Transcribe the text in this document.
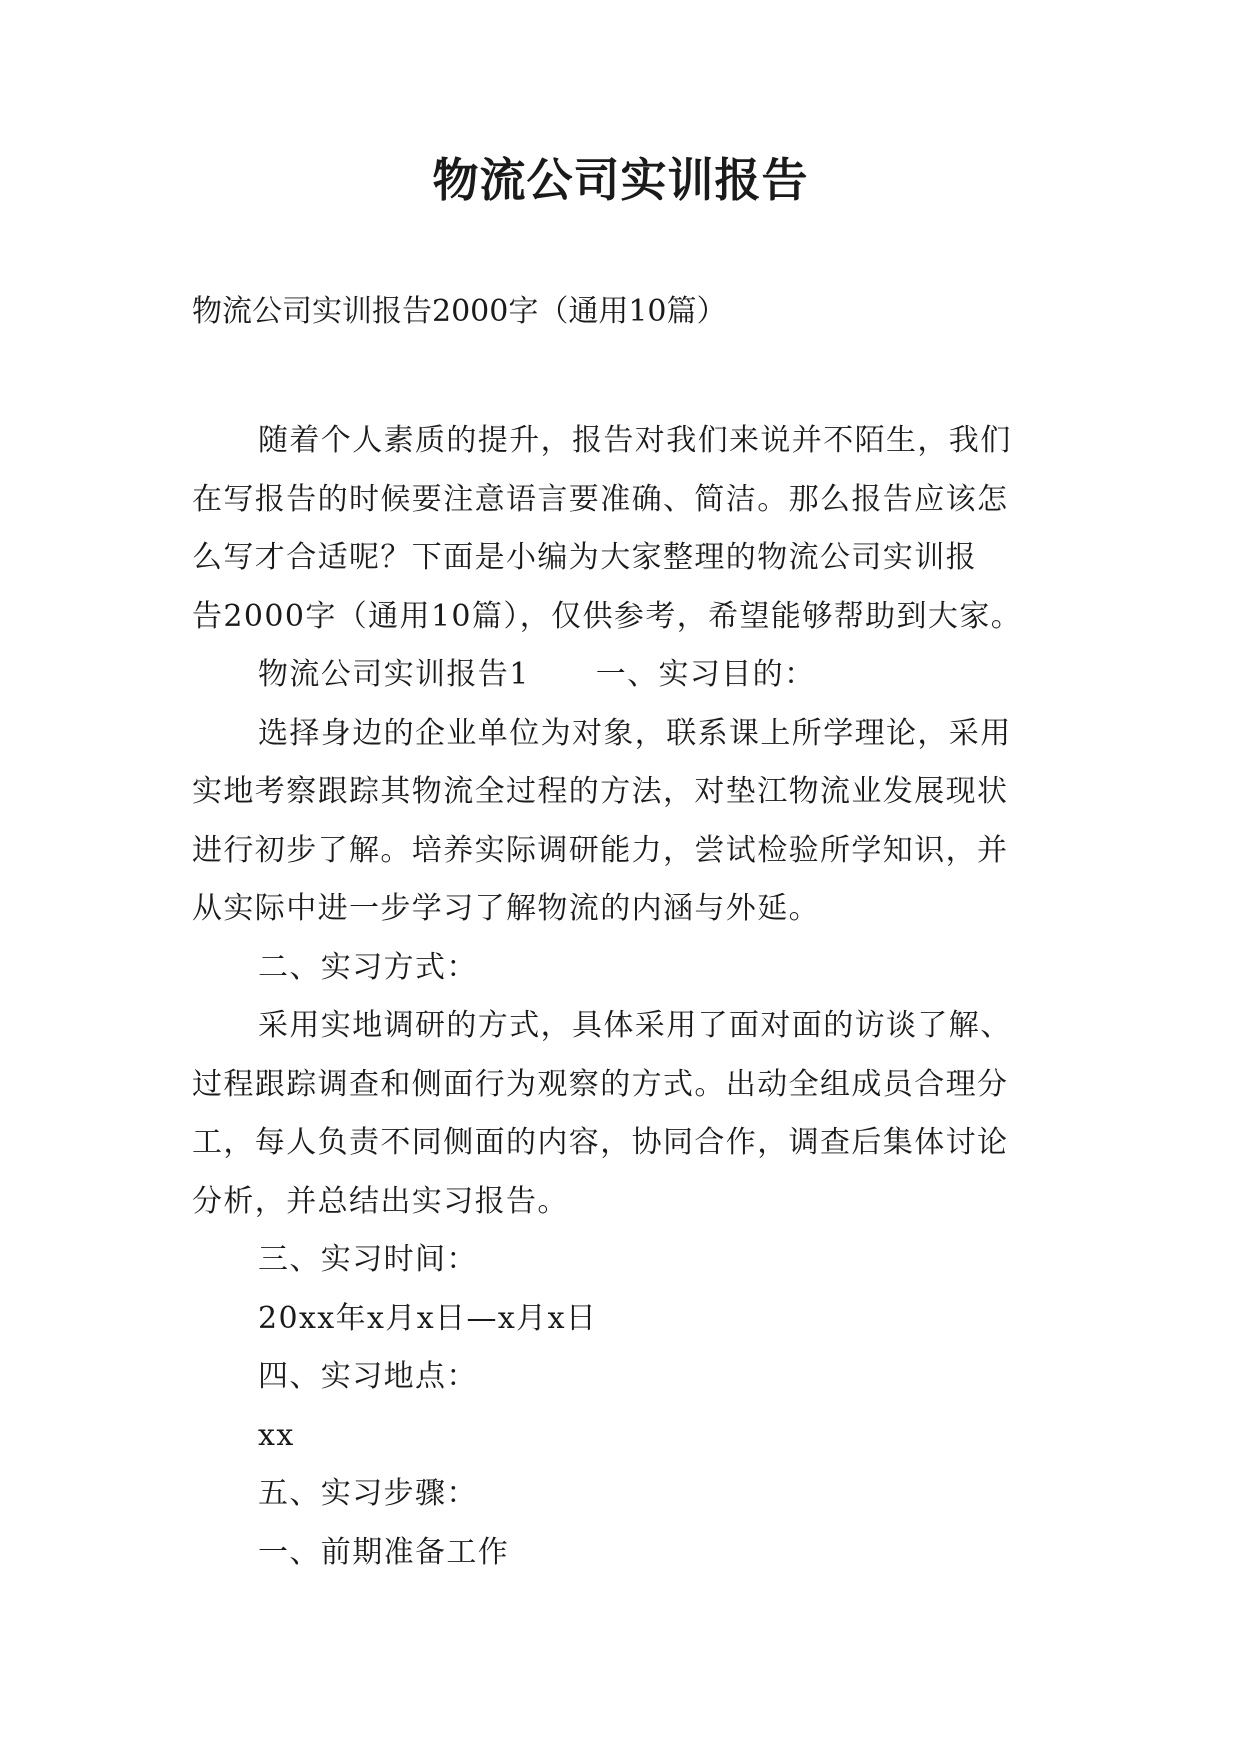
物流公司实训报告
物流公司实训报告2000字（通用10篇）
随着个人素质的提升，报告对我们来说并不陌生，我们
在写报告的时候要注意语言要准确、简洁。那么报告应该怎
么写才合适呢？下面是小编为大家整理的物流公司实训报
告2000字（通用10篇），仅供参考，希望能够帮助到大家。
物流公司实训报告1 一、实习目的：
选择身边的企业单位为对象，联系课上所学理论，采用
实地考察跟踪其物流全过程的方法，对垫江物流业发展现状
进行初步了解。培养实际调研能力，尝试检验所学知识，并
从实际中进一步学习了解物流的内涵与外延。
二、实习方式：
采用实地调研的方式，具体采用了面对面的访谈了解、
过程跟踪调查和侧面行为观察的方式。出动全组成员合理分
工，每人负责不同侧面的内容，协同合作，调查后集体讨论
分析，并总结出实习报告。
三、实习时间：
20xx年x月x日—x月x日
四、实习地点：
xx
五、实习步骤：
一、前期准备工作
